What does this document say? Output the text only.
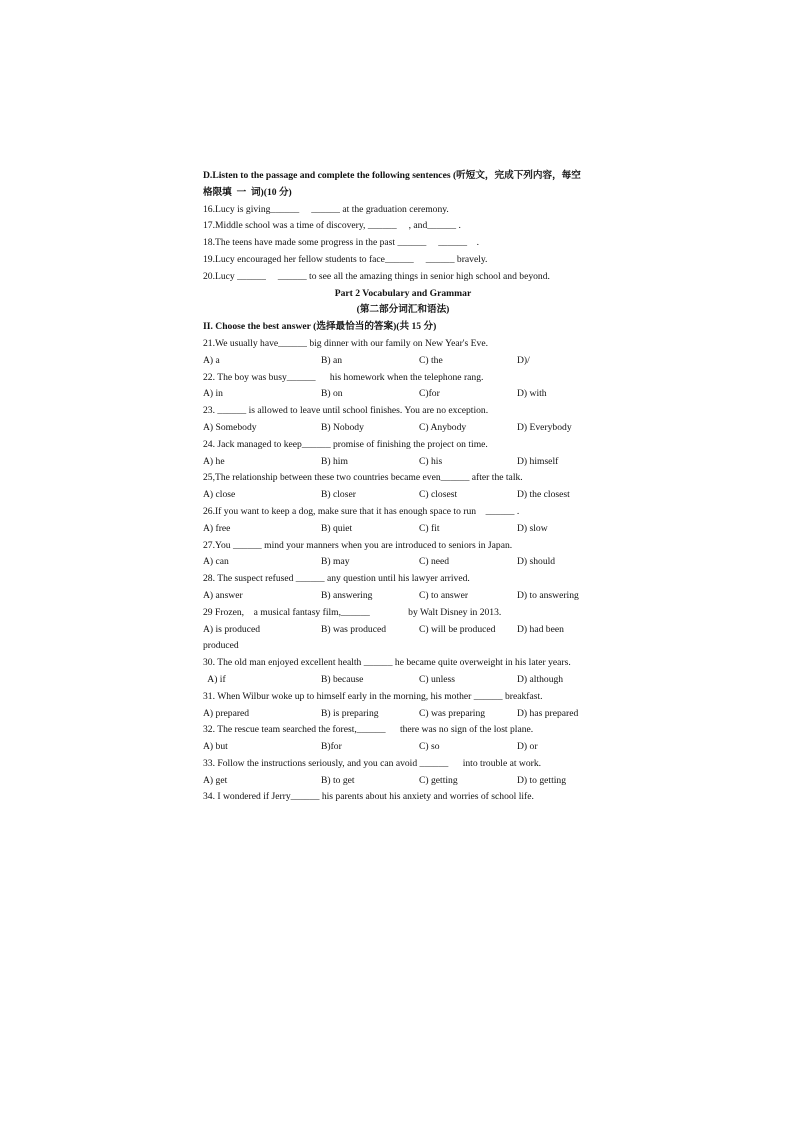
D.Listen to the passage and complete the following sentences (听短文，完成下列内容，每空
格限填  一  词)(10 分)
16.Lucy is giving______     ______ at the graduation ceremony.
17.Middle school was a time of discovery, ______     , and______ .
18.The teens have made some progress in the past ______     ______    .
19.Lucy encouraged her fellow students to face______     ______ bravely.
20.Lucy ______     ______ to see all the amazing things in senior high school and beyond.
Part 2 Vocabulary and Grammar
(第二部分词汇和语法)
II. Choose the best answer (选择最恰当的答案)(共 15 分)
21.We usually have______ big dinner with our family on New Year's Eve.
A) a	B) an	C) the	D)/
22. The boy was busy______      his homework when the telephone rang.
A) in	B) on	C)for	D) with
23. ______ is allowed to leave until school finishes. You are no exception.
A) Somebody	B) Nobody	C) Anybody	D) Everybody
24. Jack managed to keep______ promise of finishing the project on time.
A) he	B) him	C) his	D) himself
25,The relationship between these two countries became even______ after the talk.
A) close	B) closer	C) closest	D) the closest
26.If you want to keep a dog, make sure that it has enough space to run    ______ .
A) free	B) quiet	C) fit	D) slow
27.You ______ mind your manners when you are introduced to seniors in Japan.
A) can	B) may	C) need	D) should
28. The suspect refused ______ any question until his lawyer arrived.
A) answer	B) answering	C) to answer	D) to answering
29 Frozen,    a musical fantasy film,______                by Walt Disney in 2013.
A) is produced	B) was produced	C) will be produced D) had been
produced
30. The old man enjoyed excellent health ______ he became quite overweight in his later years.
A) if	B) because	C) unless	D) although
31. When Wilbur woke up to himself early in the morning, his mother ______ breakfast.
A) prepared	B) is preparing	C) was preparing	D) has prepared
32. The rescue team searched the forest,______      there was no sign of the lost plane.
A) but	B)for	C) so	D) or
33. Follow the instructions seriously, and you can avoid ______      into trouble at work.
A) get	B) to get	C) getting	D) to getting
34. I wondered if Jerry______ his parents about his anxiety and worries of school life.
